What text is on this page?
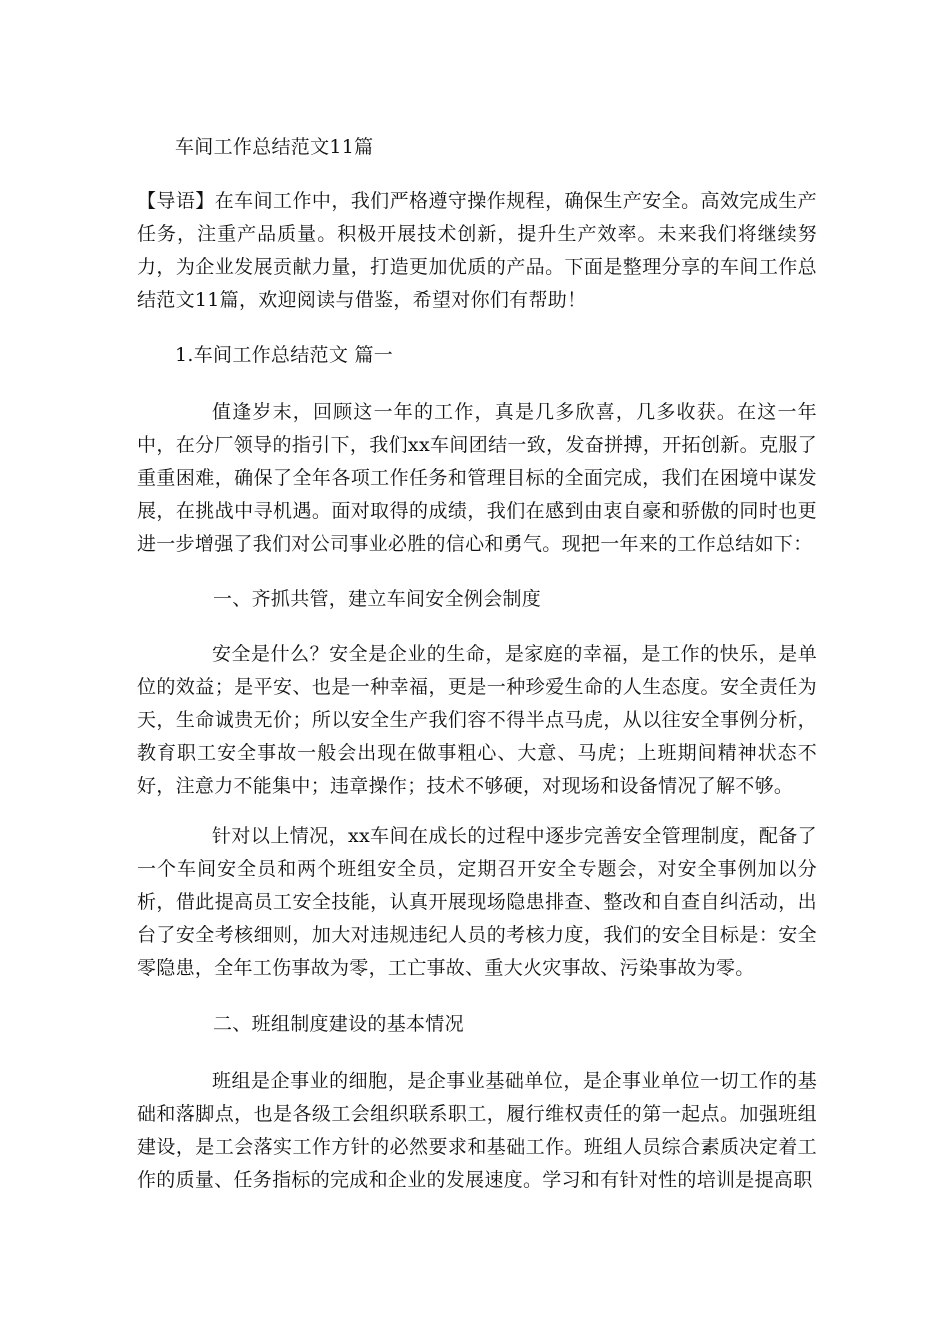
车间工作总结范文11篇

【导语】在车间工作中，我们严格遵守操作规程，确保生产安全。高效完成生产任务，注重产品质量。积极开展技术创新，提升生产效率。未来我们将继续努力，为企业发展贡献力量，打造更加优质的产品。下面是整理分享的车间工作总结范文11篇，欢迎阅读与借鉴，希望对你们有帮助！

1.车间工作总结范文 篇一

值逢岁末，回顾这一年的工作，真是几多欣喜，几多收获。在这一年中，在分厂领导的指引下，我们xx车间团结一致，发奋拼搏，开拓创新。克服了重重困难，确保了全年各项工作任务和管理目标的全面完成，我们在困境中谋发展，在挑战中寻机遇。面对取得的成绩，我们在感到由衷自豪和骄傲的同时也更进一步增强了我们对公司事业必胜的信心和勇气。现把一年来的工作总结如下：

一、齐抓共管，建立车间安全例会制度

安全是什么？安全是企业的生命，是家庭的幸福，是工作的快乐，是单位的效益；是平安、也是一种幸福，更是一种珍爱生命的人生态度。安全责任为天，生命诚贵无价；所以安全生产我们容不得半点马虎，从以往安全事例分析，教育职工安全事故一般会出现在做事粗心、大意、马虎；上班期间精神状态不好，注意力不能集中；违章操作；技术不够硬，对现场和设备情况了解不够。

针对以上情况，xx车间在成长的过程中逐步完善安全管理制度，配备了一个车间安全员和两个班组安全员，定期召开安全专题会，对安全事例加以分析，借此提高员工安全技能，认真开展现场隐患排查、整改和自查自纠活动，出台了安全考核细则，加大对违规违纪人员的考核力度，我们的安全目标是：安全零隐患，全年工伤事故为零，工亡事故、重大火灾事故、污染事故为零。

二、班组制度建设的基本情况

班组是企事业的细胞，是企事业基础单位，是企事业单位一切工作的基础和落脚点，也是各级工会组织联系职工，履行维权责任的第一起点。加强班组建设，是工会落实工作方针的必然要求和基础工作。班组人员综合素质决定着工作的质量、任务指标的完成和企业的发展速度。学习和有针对性的培训是提高职
